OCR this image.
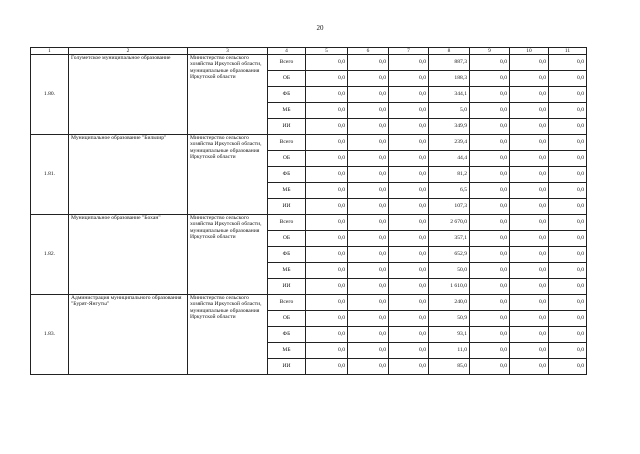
20
1	2	3	4	5	6	7	8	9	10	11
1.80.	Голуметское муниципальное образование	Министерство сельского хозяйства Иркутской области, муниципальные образования Иркутской области	Всего	0,0	0,0	0,0	887,3	0,0	0,0	0,0
			ОБ	0,0	0,0	0,0	188,3	0,0	0,0	0,0
			ФБ	0,0	0,0	0,0	344,1	0,0	0,0	0,0
			МБ	0,0	0,0	0,0	5,0	0,0	0,0	0,0
			ИИ	0,0	0,0	0,0	349,9	0,0	0,0	0,0
1.81.	Муниципальное образование "Бильчир"	Министерство сельского хозяйства Иркутской области, муниципальные образования Иркутской области	Всего	0,0	0,0	0,0	239,4	0,0	0,0	0,0
			ОБ	0,0	0,0	0,0	44,4	0,0	0,0	0,0
			ФБ	0,0	0,0	0,0	81,2	0,0	0,0	0,0
			МБ	0,0	0,0	0,0	6,5	0,0	0,0	0,0
			ИИ	0,0	0,0	0,0	107,3	0,0	0,0	0,0
1.82.	Муниципальное образование "Бохан"	Министерство сельского хозяйства Иркутской области, муниципальные образования Иркутской области	Всего	0,0	0,0	0,0	2 670,0	0,0	0,0	0,0
			ОБ	0,0	0,0	0,0	357,1	0,0	0,0	0,0
			ФБ	0,0	0,0	0,0	652,9	0,0	0,0	0,0
			МБ	0,0	0,0	0,0	50,0	0,0	0,0	0,0
			ИИ	0,0	0,0	0,0	1 610,0	0,0	0,0	0,0
1.83.	Администрация муниципального образования "Бурят-Янгуты"	Министерство сельского хозяйства Иркутской области, муниципальные образования Иркутской области	Всего	0,0	0,0	0,0	240,0	0,0	0,0	0,0
			ОБ	0,0	0,0	0,0	50,9	0,0	0,0	0,0
			ФБ	0,0	0,0	0,0	93,1	0,0	0,0	0,0
			МБ	0,0	0,0	0,0	11,0	0,0	0,0	0,0
			ИИ	0,0	0,0	0,0	85,0	0,0	0,0	0,0
